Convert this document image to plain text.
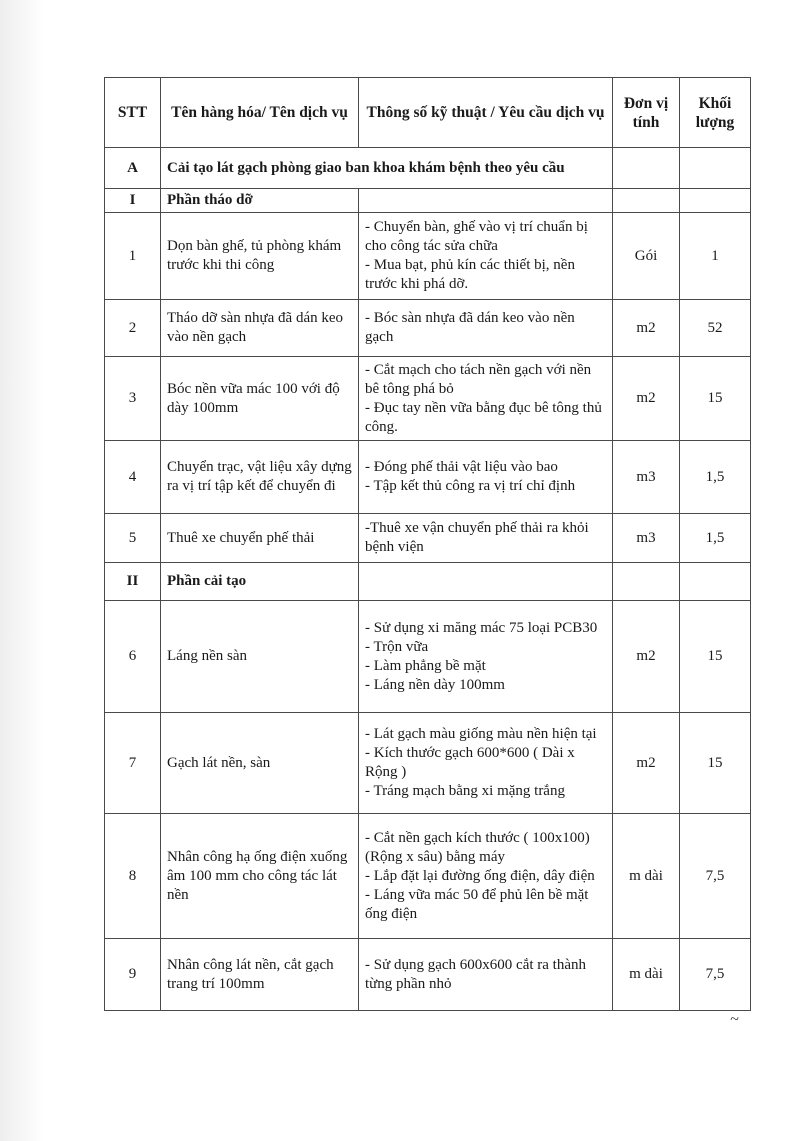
STT	Tên hàng hóa/ Tên dịch vụ	Thông số kỹ thuật / Yêu cầu dịch vụ	Đơn vị tính	Khối lượng
A	Cải tạo lát gạch phòng giao ban khoa khám bệnh theo yêu cầu			
I	Phần tháo dỡ			
1	Dọn bàn ghế, tủ phòng khám trước khi thi công	- Chuyển bàn, ghế vào vị trí chuẩn bị cho công tác sửa chữa
- Mua bạt, phủ kín các thiết bị, nền trước khi phá dỡ.	Gói	1
2	Tháo dỡ sàn nhựa đã dán keo vào nền gạch	- Bóc sàn nhựa đã dán keo vào nền gạch	m2	52
3	Bóc nền vữa mác 100 với độ dày 100mm	- Cắt mạch cho tách nền gạch với nền bê tông phá bỏ
- Đục tay nền vữa bằng đục bê tông thủ công.	m2	15
4	Chuyển trạc, vật liệu xây dựng ra vị trí tập kết để chuyển đi	- Đóng phế thải vật liệu vào bao
- Tập kết thủ công ra vị trí chỉ định	m3	1,5
5	Thuê xe chuyển phế thải	-Thuê xe vận chuyển phế thải ra khỏi bệnh viện	m3	1,5
II	Phần cải tạo			
6	Láng nền sàn	- Sử dụng xi măng mác 75 loại PCB30
- Trộn vữa
- Làm phẳng bề mặt
- Láng nền dày 100mm	m2	15
7	Gạch lát nền, sàn	- Lát gạch màu giống màu nền hiện tại
- Kích thước gạch 600*600 ( Dài x Rộng )
- Tráng mạch bằng xi mặng trắng	m2	15
8	Nhân công hạ ống điện xuống âm 100 mm cho công tác lát nền	- Cắt nền gạch kích thước ( 100x100) (Rộng x sâu) bằng máy
- Lắp đặt lại đường ống điện, dây điện
- Láng vữa mác 50 để phủ lên bề mặt ống điện	m dài	7,5
9	Nhân công lát nền, cắt gạch trang trí 100mm	- Sử dụng gạch 600x600 cắt ra thành từng phần nhỏ	m dài	7,5
~
